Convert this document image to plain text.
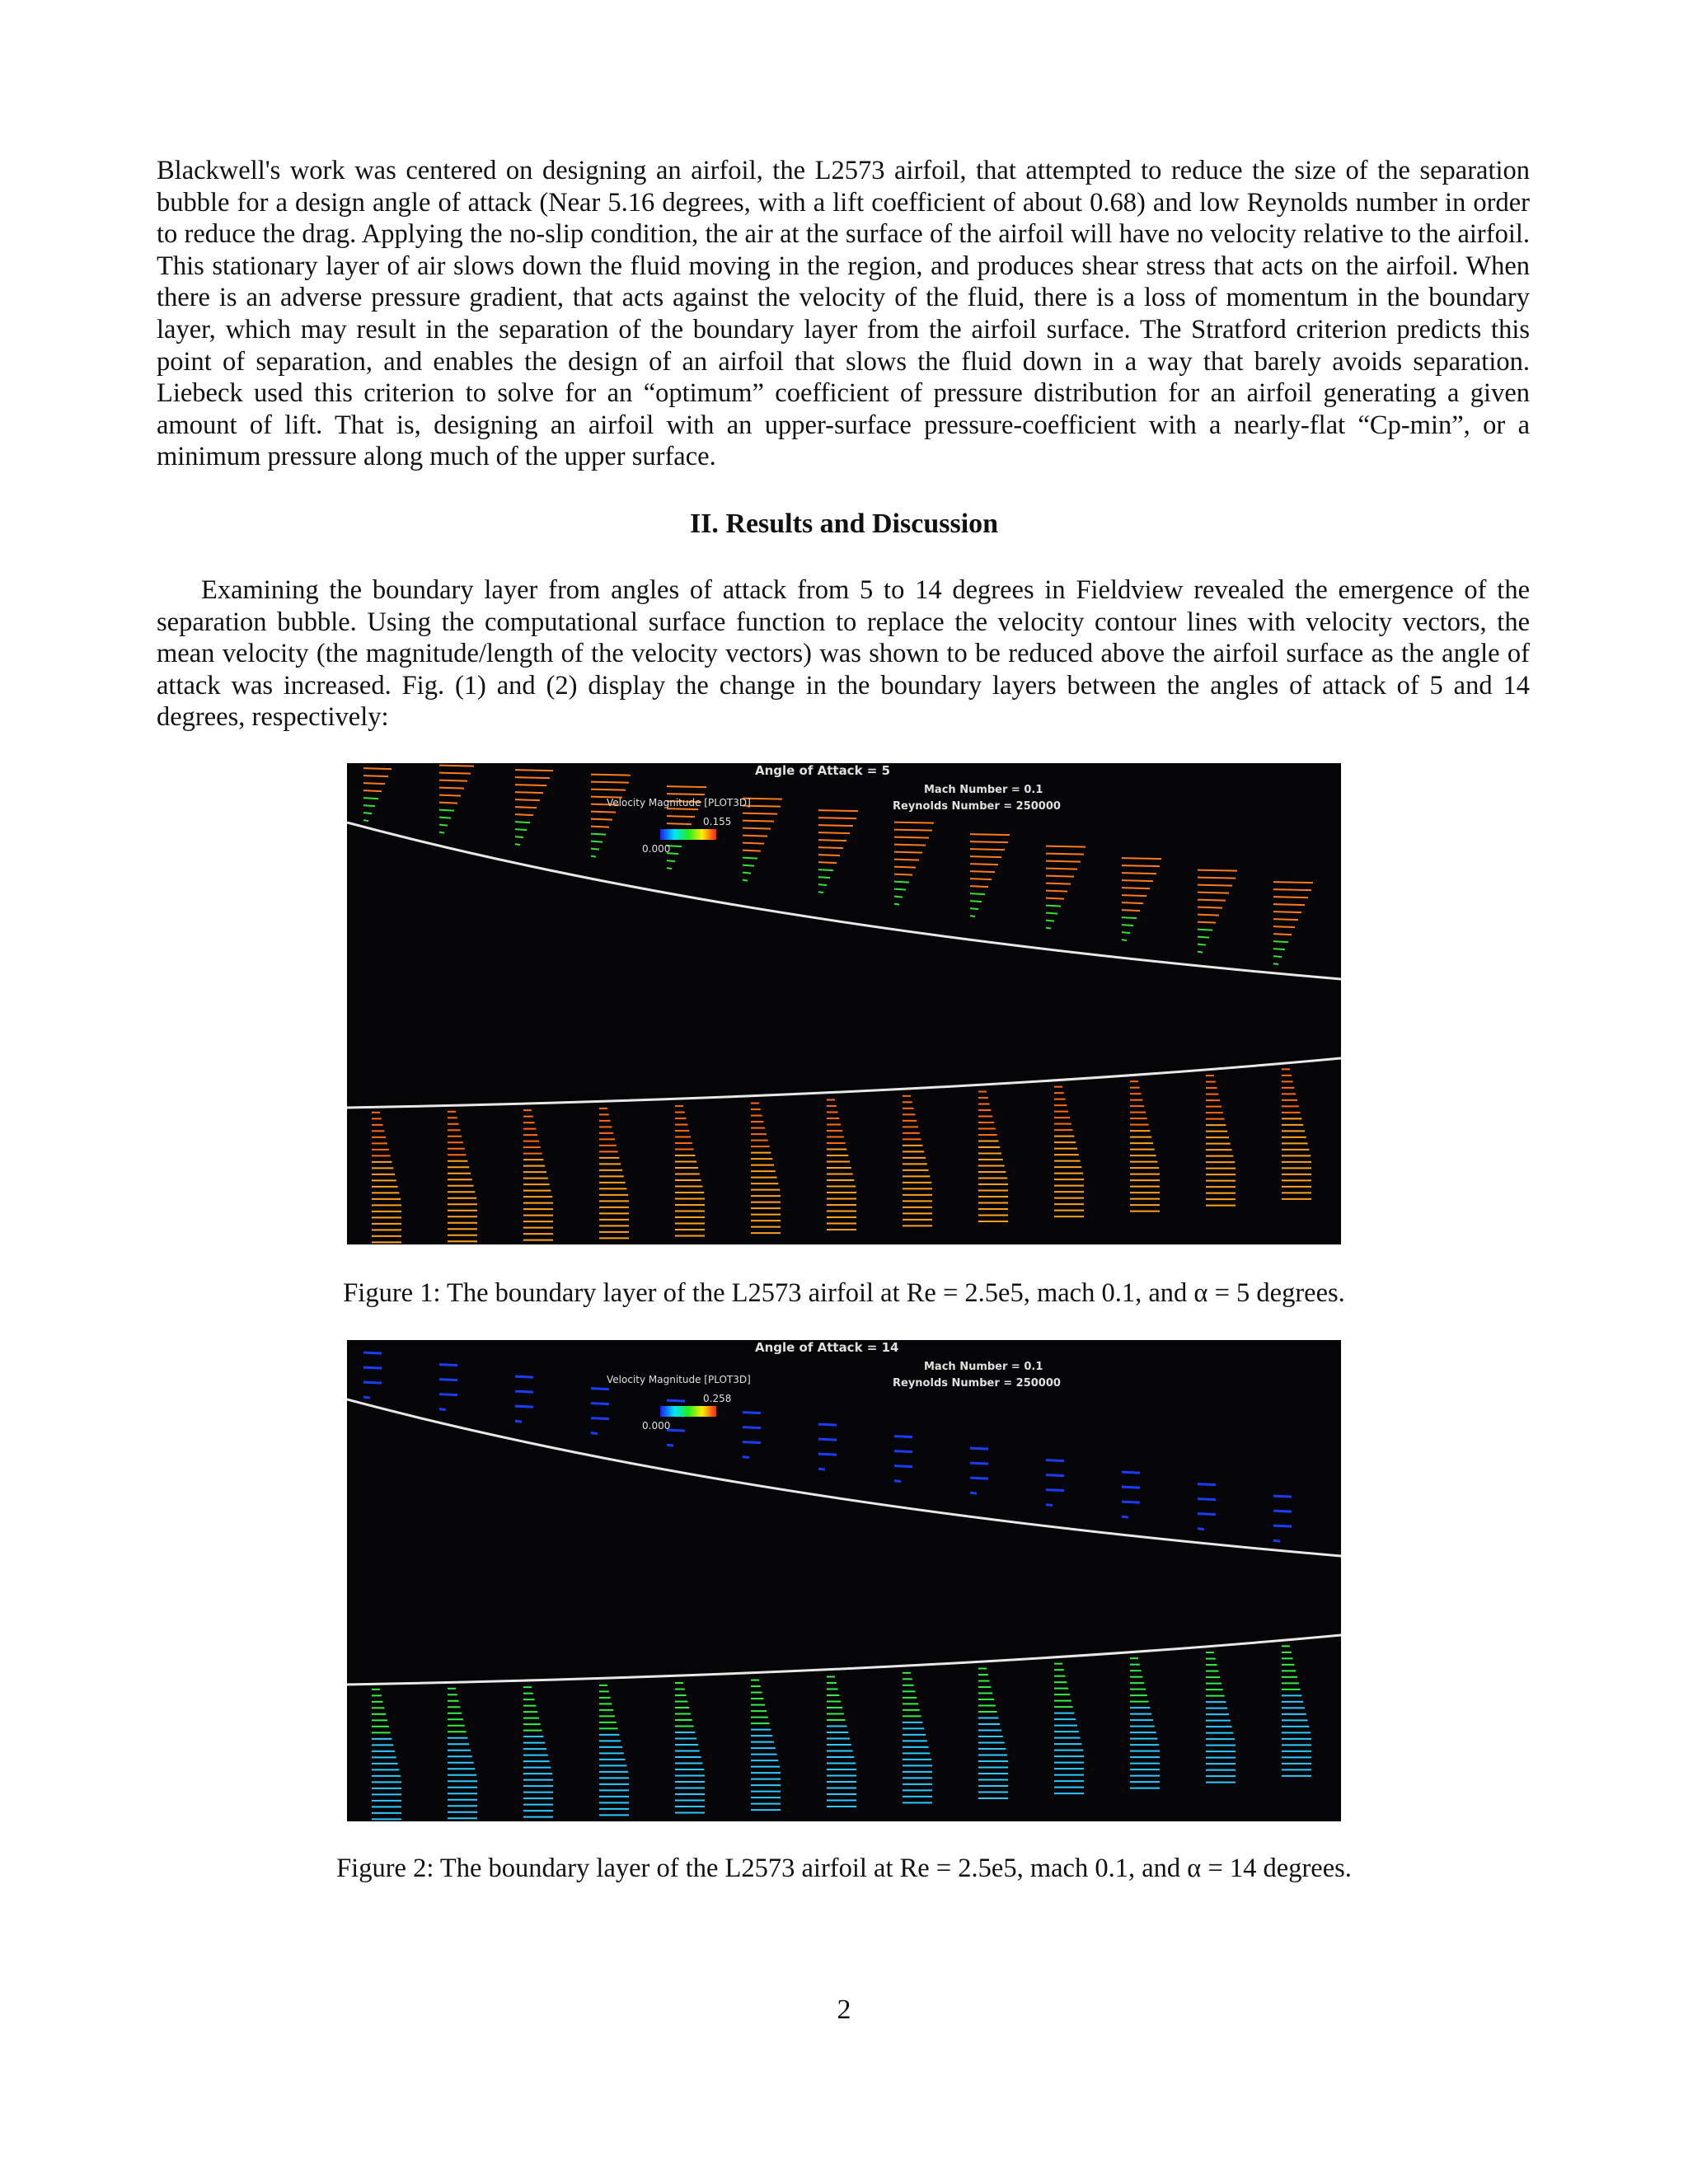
Blackwell's work was centered on designing an airfoil, the L2573 airfoil, that attempted to reduce the size of the separation bubble for a design angle of attack (Near 5.16 degrees, with a lift coefficient of about 0.68) and low Reynolds number in order to reduce the drag. Applying the no-slip condition, the air at the surface of the airfoil will have no velocity relative to the airfoil. This stationary layer of air slows down the fluid moving in the region, and produces shear stress that acts on the airfoil. When there is an adverse pressure gradient, that acts against the velocity of the fluid, there is a loss of momentum in the boundary layer, which may result in the separation of the boundary layer from the airfoil surface. The Stratford criterion predicts this point of separation, and enables the design of an airfoil that slows the fluid down in a way that barely avoids separation. Liebeck used this criterion to solve for an “optimum” coefficient of pressure distribution for an airfoil generating a given amount of lift. That is, designing an airfoil with an upper-surface pressure-coefficient with a nearly-flat “Cp-min”, or a minimum pressure along much of the upper surface.

II. Results and Discussion

Examining the boundary layer from angles of attack from 5 to 14 degrees in Fieldview revealed the emergence of the separation bubble. Using the computational surface function to replace the velocity contour lines with velocity vectors, the mean velocity (the magnitude/length of the velocity vectors) was shown to be reduced above the airfoil surface as the angle of attack was increased. Fig. (1) and (2) display the change in the boundary layers between the angles of attack of 5 and 14 degrees, respectively:

Angle of Attack = 5
Mach Number = 0.1
Reynolds Number = 250000
Velocity Magnitude [PLOT3D]
0.155
0.000

Figure 1: The boundary layer of the L2573 airfoil at Re = 2.5e5, mach 0.1, and α = 5 degrees.

Angle of Attack = 14
Mach Number = 0.1
Reynolds Number = 250000
Velocity Magnitude [PLOT3D]
0.258
0.000

Figure 2: The boundary layer of the L2573 airfoil at Re = 2.5e5, mach 0.1, and α = 14 degrees.

2
